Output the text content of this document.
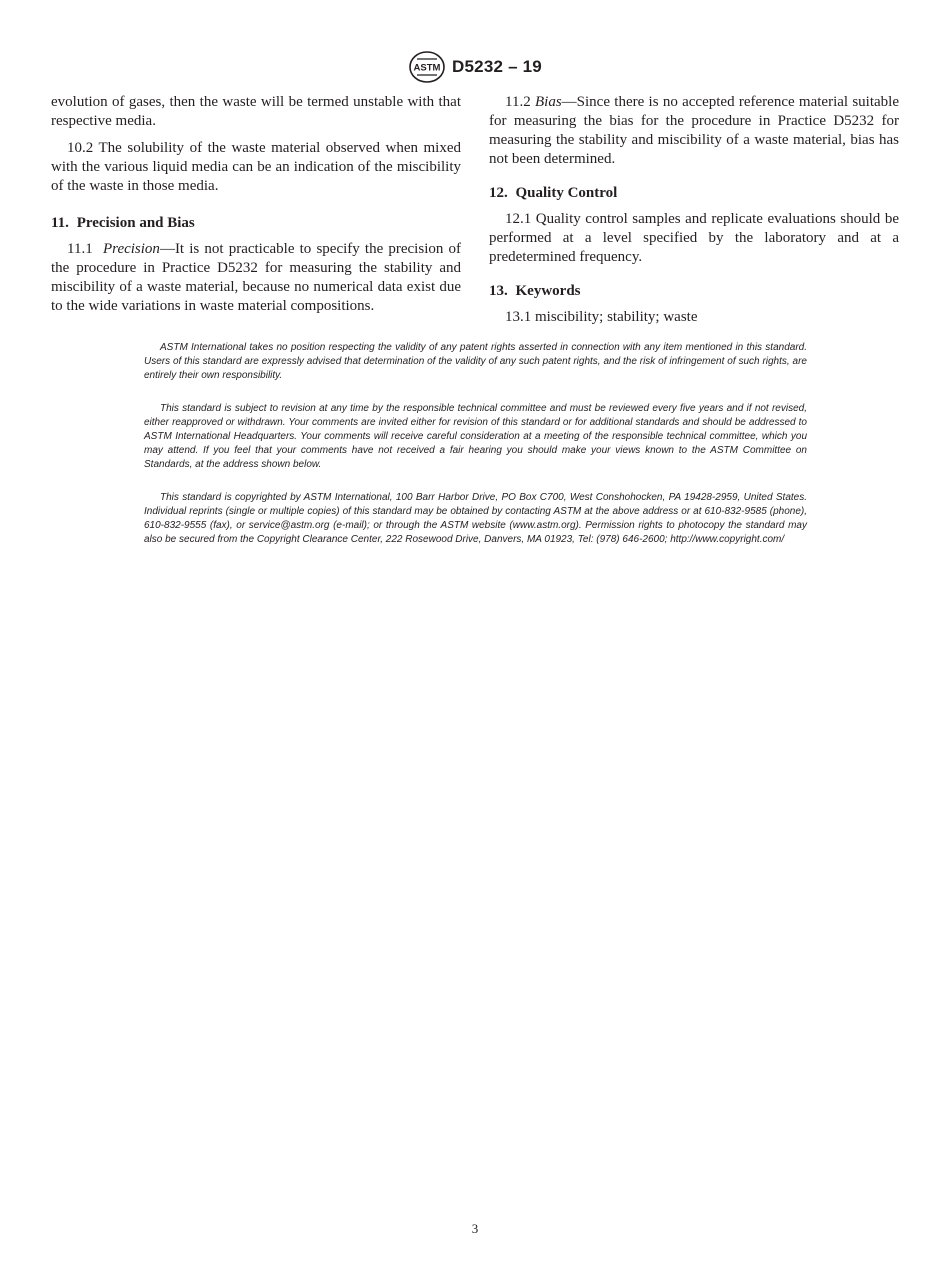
ASTM D5232 – 19

evolution of gases, then the waste will be termed unstable with that respective media.

10.2 The solubility of the waste material observed when mixed with the various liquid media can be an indication of the miscibility of the waste in those media.

11. Precision and Bias

11.1 Precision—It is not practicable to specify the precision of the procedure in Practice D5232 for measuring the stability and miscibility of a waste material, because no numerical data exist due to the wide variations in waste material compositions.

11.2 Bias—Since there is no accepted reference material suitable for measuring the bias for the procedure in Practice D5232 for measuring the stability and miscibility of a waste material, bias has not been determined.

12. Quality Control

12.1 Quality control samples and replicate evaluations should be performed at a level specified by the laboratory and at a predetermined frequency.

13. Keywords

13.1 miscibility; stability; waste

ASTM International takes no position respecting the validity of any patent rights asserted in connection with any item mentioned in this standard. Users of this standard are expressly advised that determination of the validity of any such patent rights, and the risk of infringement of such rights, are entirely their own responsibility.

This standard is subject to revision at any time by the responsible technical committee and must be reviewed every five years and if not revised, either reapproved or withdrawn. Your comments are invited either for revision of this standard or for additional standards and should be addressed to ASTM International Headquarters. Your comments will receive careful consideration at a meeting of the responsible technical committee, which you may attend. If you feel that your comments have not received a fair hearing you should make your views known to the ASTM Committee on Standards, at the address shown below.

This standard is copyrighted by ASTM International, 100 Barr Harbor Drive, PO Box C700, West Conshohocken, PA 19428-2959, United States. Individual reprints (single or multiple copies) of this standard may be obtained by contacting ASTM at the above address or at 610-832-9585 (phone), 610-832-9555 (fax), or service@astm.org (e-mail); or through the ASTM website (www.astm.org). Permission rights to photocopy the standard may also be secured from the Copyright Clearance Center, 222 Rosewood Drive, Danvers, MA 01923, Tel: (978) 646-2600; http://www.copyright.com/

3
